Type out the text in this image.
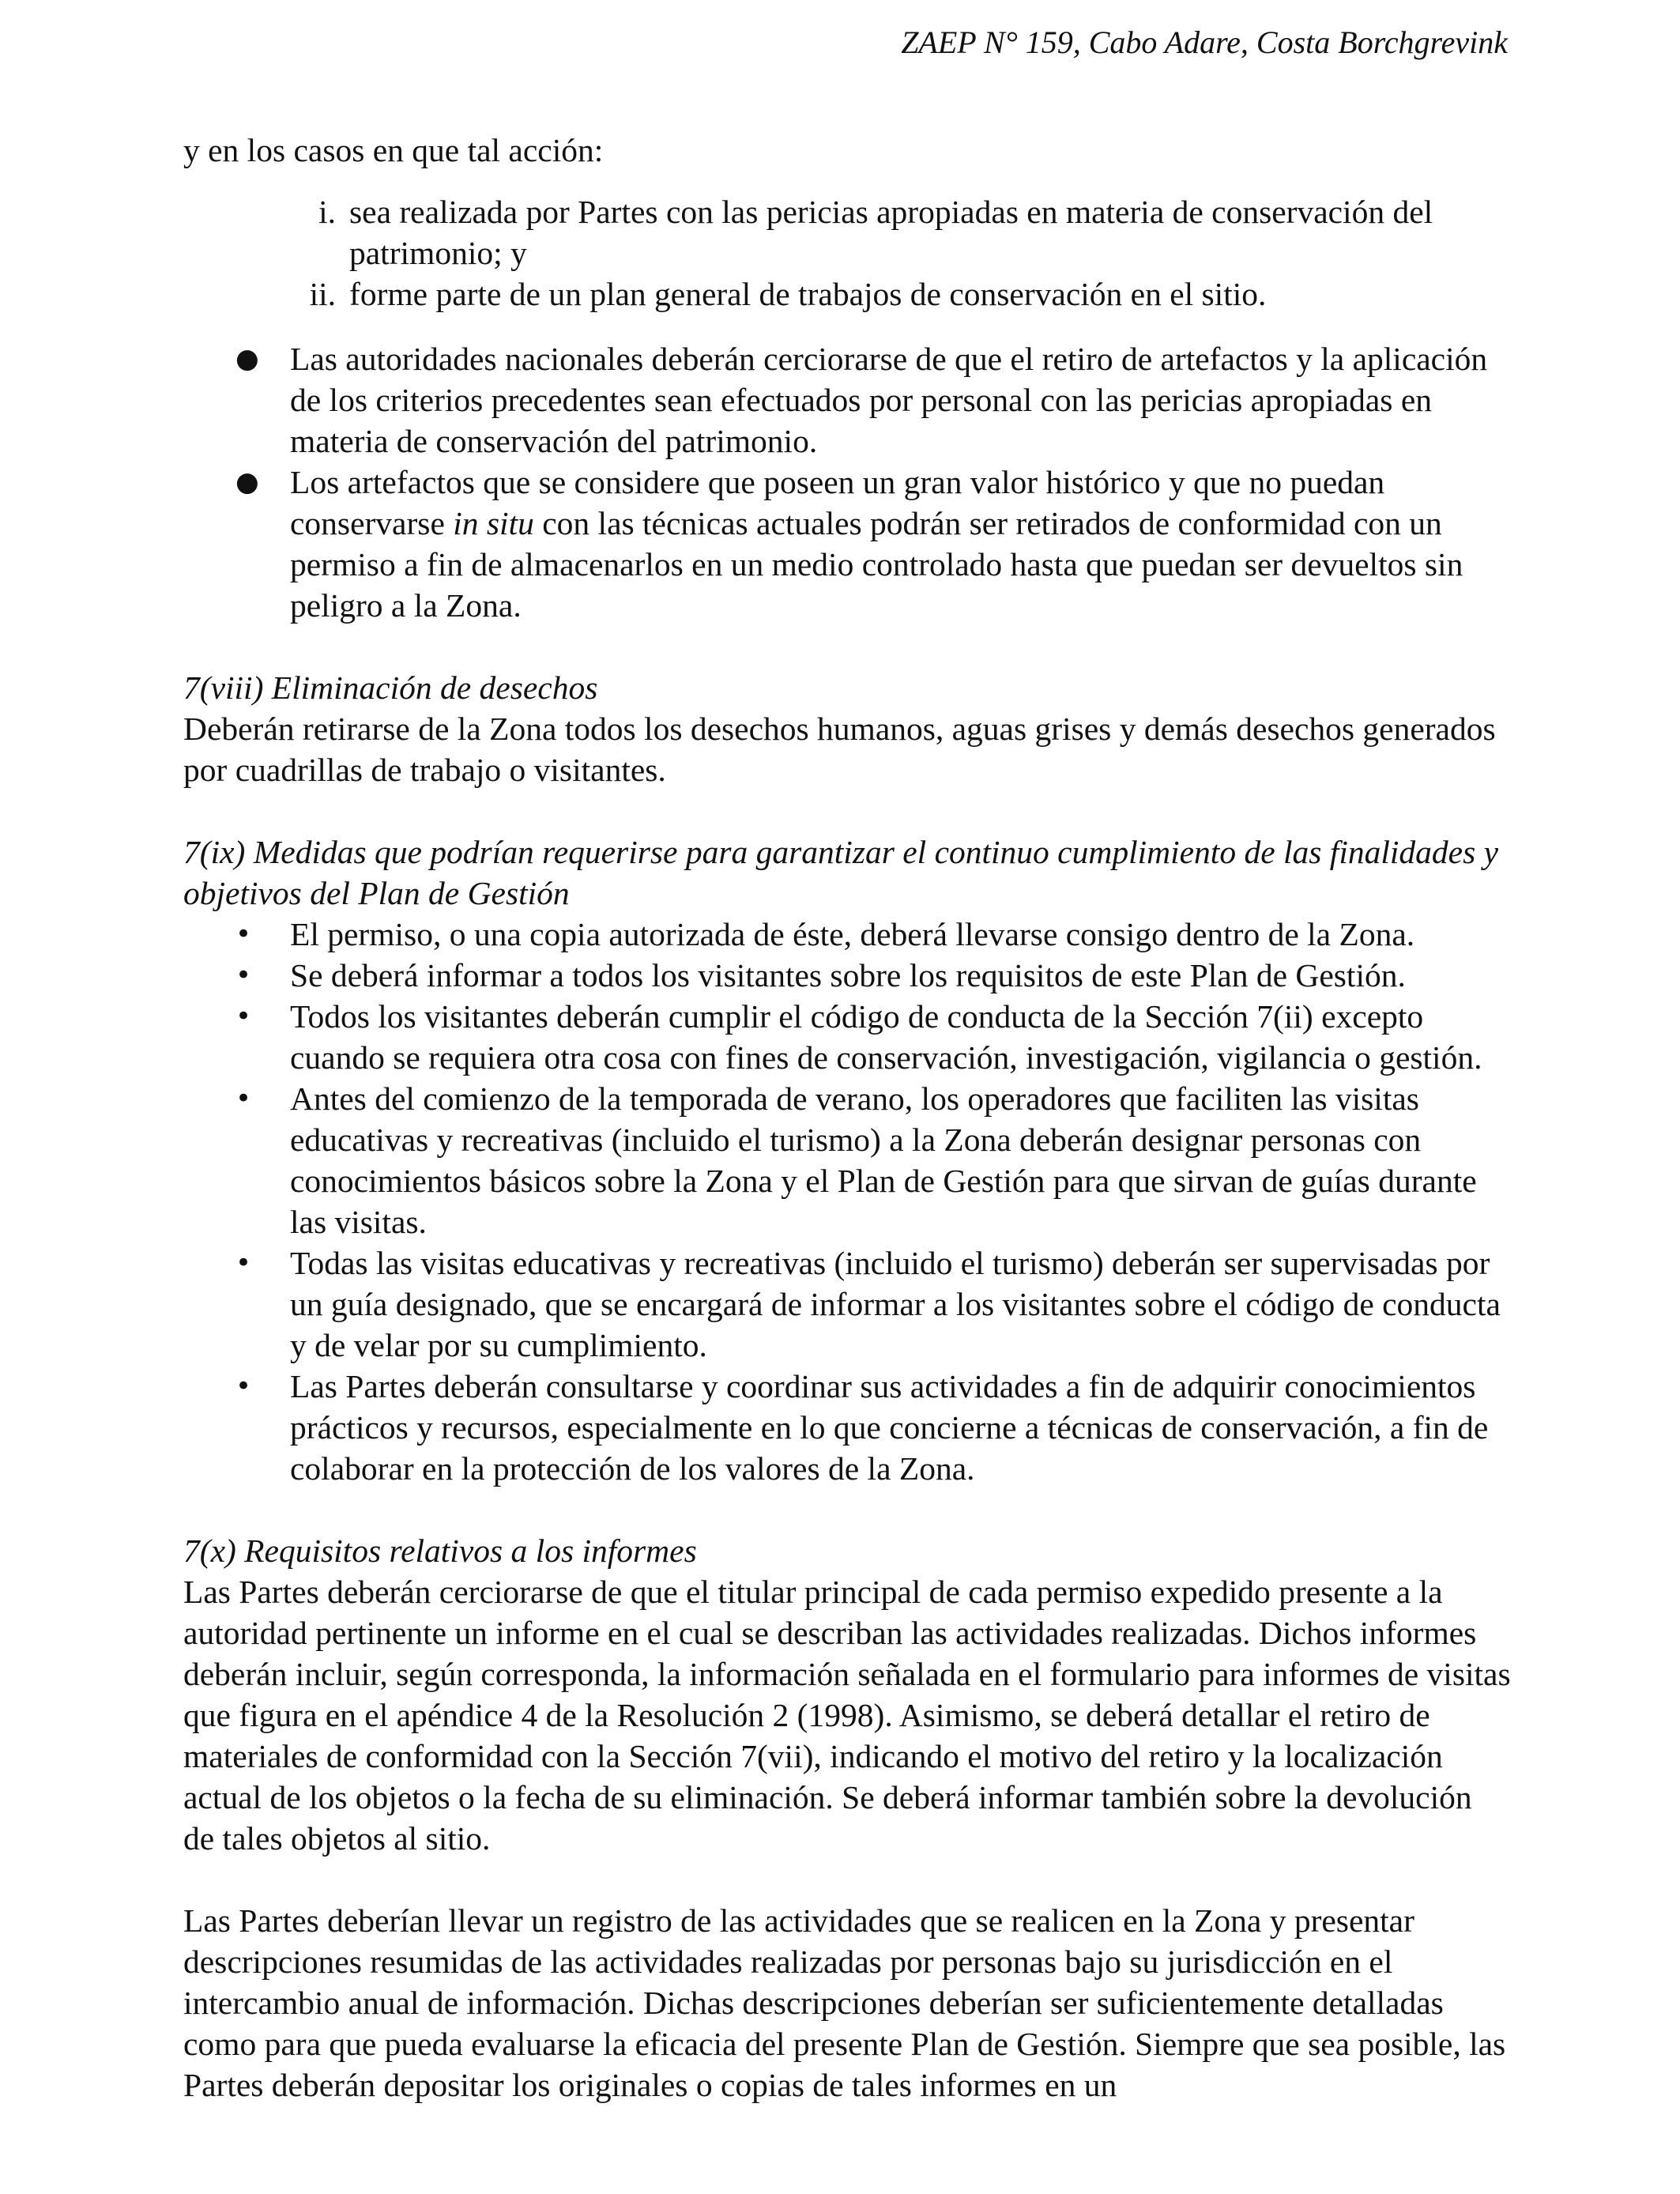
ZAEP N° 159, Cabo Adare, Costa Borchgrevink

y en los casos en que tal acción:

i. sea realizada por Partes con las pericias apropiadas en materia de conservación del patrimonio; y
ii. forme parte de un plan general de trabajos de conservación en el sitio.
● Las autoridades nacionales deberán cerciorarse de que el retiro de artefactos y la aplicación de los criterios precedentes sean efectuados por personal con las pericias apropiadas en materia de conservación del patrimonio.
● Los artefactos que se considere que poseen un gran valor histórico y que no puedan conservarse in situ con las técnicas actuales podrán ser retirados de conformidad con un permiso a fin de almacenarlos en un medio controlado hasta que puedan ser devueltos sin peligro a la Zona.

7(viii) Eliminación de desechos

Deberán retirarse de la Zona todos los desechos humanos, aguas grises y demás desechos generados por cuadrillas de trabajo o visitantes.

7(ix) Medidas que podrían requerirse para garantizar el continuo cumplimiento de las finalidades y objetivos del Plan de Gestión

•	El permiso, o una copia autorizada de éste, deberá llevarse consigo dentro de la Zona.
•	Se deberá informar a todos los visitantes sobre los requisitos de este Plan de Gestión.
•	Todos los visitantes deberán cumplir el código de conducta de la Sección 7(ii) excepto cuando se requiera otra cosa con fines de conservación, investigación, vigilancia o gestión.
•	Antes del comienzo de la temporada de verano, los operadores que faciliten las visitas educativas y recreativas (incluido el turismo) a la Zona deberán designar personas con conocimientos básicos sobre la Zona y el Plan de Gestión para que sirvan de guías durante las visitas.
•	Todas las visitas educativas y recreativas (incluido el turismo) deberán ser supervisadas por un guía designado, que se encargará de informar a los visitantes sobre el código de conducta y de velar por su cumplimiento.
•	Las Partes deberán consultarse y coordinar sus actividades a fin de adquirir conocimientos prácticos y recursos, especialmente en lo que concierne a técnicas de conservación, a fin de colaborar en la protección de los valores de la Zona.

7(x) Requisitos relativos a los informes

Las Partes deberán cerciorarse de que el titular principal de cada permiso expedido presente a la autoridad pertinente un informe en el cual se describan las actividades realizadas. Dichos informes deberán incluir, según corresponda, la información señalada en el formulario para informes de visitas que figura en el apéndice 4 de la Resolución 2 (1998). Asimismo, se deberá detallar el retiro de materiales de conformidad con la Sección 7(vii), indicando el motivo del retiro y la localización actual de los objetos o la fecha de su eliminación. Se deberá informar también sobre la devolución de tales objetos al sitio.

Las Partes deberían llevar un registro de las actividades que se realicen en la Zona y presentar descripciones resumidas de las actividades realizadas por personas bajo su jurisdicción en el intercambio anual de información. Dichas descripciones deberían ser suficientemente detalladas como para que pueda evaluarse la eficacia del presente Plan de Gestión. Siempre que sea posible, las Partes deberán depositar los originales o copias de tales informes en un
